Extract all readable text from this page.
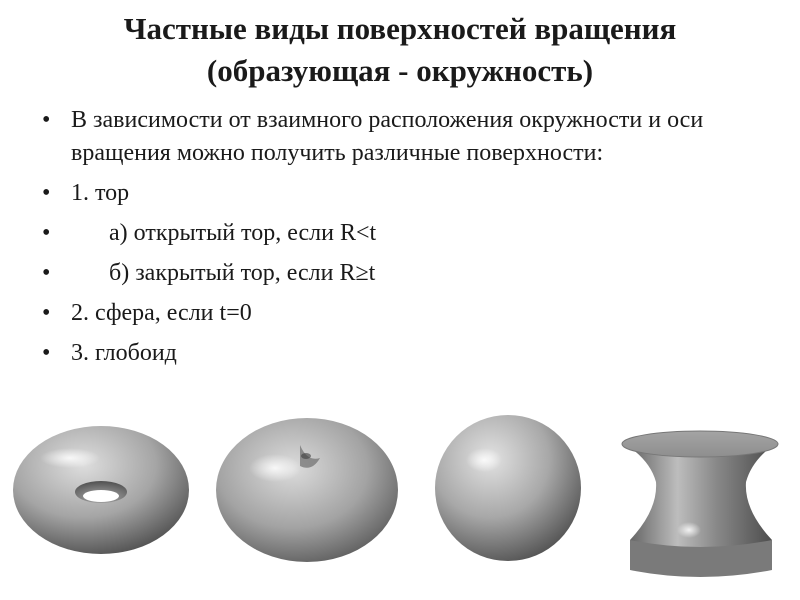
Частные виды поверхностей вращения
(образующая - окружность)
• В зависимости от взаимного расположения окружности и оси вращения можно получить различные поверхности:
• 1. тор
• а) открытый тор, если R<t
• б) закрытый тор, если R≥t
• 2. сфера, если t=0
• 3. глобоид
